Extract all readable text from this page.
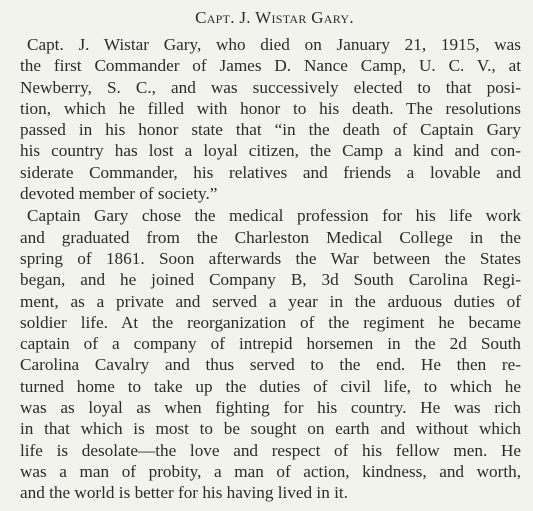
Capt. J. Wistar Gary.
Capt. J. Wistar Gary, who died on January 21, 1915, was
the first Commander of James D. Nance Camp, U. C. V., at
Newberry, S. C., and was successively elected to that posi-
tion, which he filled with honor to his death. The resolutions
passed in his honor state that “in the death of Captain Gary
his country has lost a loyal citizen, the Camp a kind and con-
siderate Commander, his relatives and friends a lovable and
devoted member of society.”
Captain Gary chose the medical profession for his life work
and graduated from the Charleston Medical College in the
spring of 1861. Soon afterwards the War between the States
began, and he joined Company B, 3d South Carolina Regi-
ment, as a private and served a year in the arduous duties of
soldier life. At the reorganization of the regiment he became
captain of a company of intrepid horsemen in the 2d South
Carolina Cavalry and thus served to the end. He then re-
turned home to take up the duties of civil life, to which he
was as loyal as when fighting for his country. He was rich
in that which is most to be sought on earth and without which
life is desolate—the love and respect of his fellow men. He
was a man of probity, a man of action, kindness, and worth,
and the world is better for his having lived in it.
